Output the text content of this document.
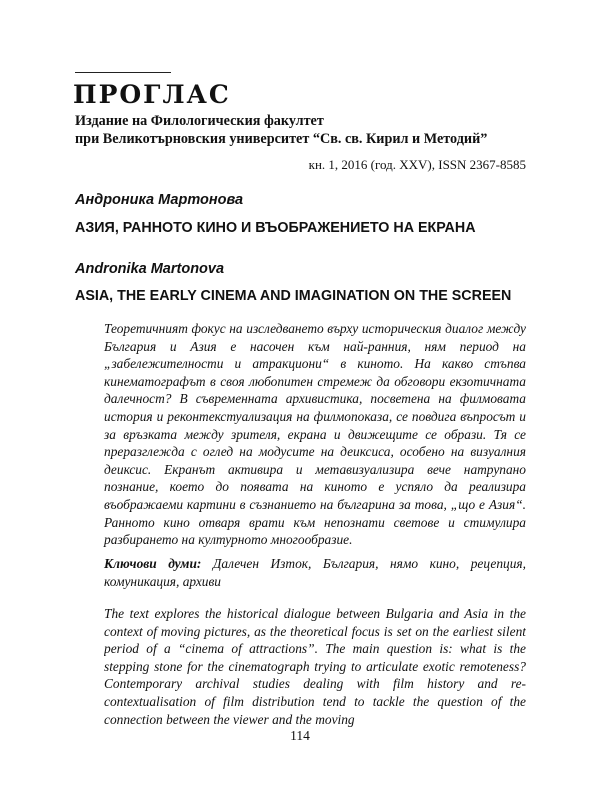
ПРОГЛАС
Издание на Филологическия факултет
при Великотърновския университет “Св. св. Кирил и Методий”
кн. 1, 2016 (год. XXV), ISSN 2367-8585
Андроника Мартонова
АЗИЯ, РАННОТО КИНО И ВЪОБРАЖЕНИЕТО НА ЕКРАНА
Andronika Martonova
ASIA, THE EARLY CINEMA AND IMAGINATION ON THE SCREEN

Теоретичният фокус на изследването върху историческия диалог между България и Азия е насочен към най-ранния, ням период на „забележителности и атракциони“ в киното. На какво стъпва кинематографът в своя любопитен стремеж да обговори екзотичната далечност? В съвременната архивистика, посветена на филмовата история и реконтекстуализация на филмопоказа, се повдига въпросът и за връзката между зрителя, екрана и движещите се образи. Тя се преразглежда с оглед на модусите на деиксиса, особено на визуалния деиксис. Екранът активира и метавизуализира вече натрупано познание, което до появата на киното е успяло да реализира въображаеми картини в съзнанието на българина за това, „що е Азия“. Ранното кино отваря врати към непознати светове и стимулира разбирането на културното многообразие.

Ключови думи: Далечен Изток, България, нямо кино, рецепция, комуникация, архиви

The text explores the historical dialogue between Bulgaria and Asia in the context of moving pictures, as the theoretical focus is set on the earliest silent period of a “cinema of attractions”. The main question is: what is the stepping stone for the cinematograph trying to articulate exotic remoteness? Contemporary archival studies dealing with film history and re- contextualisation of film distribution tend to tackle the question of the connection between the viewer and the moving

114
